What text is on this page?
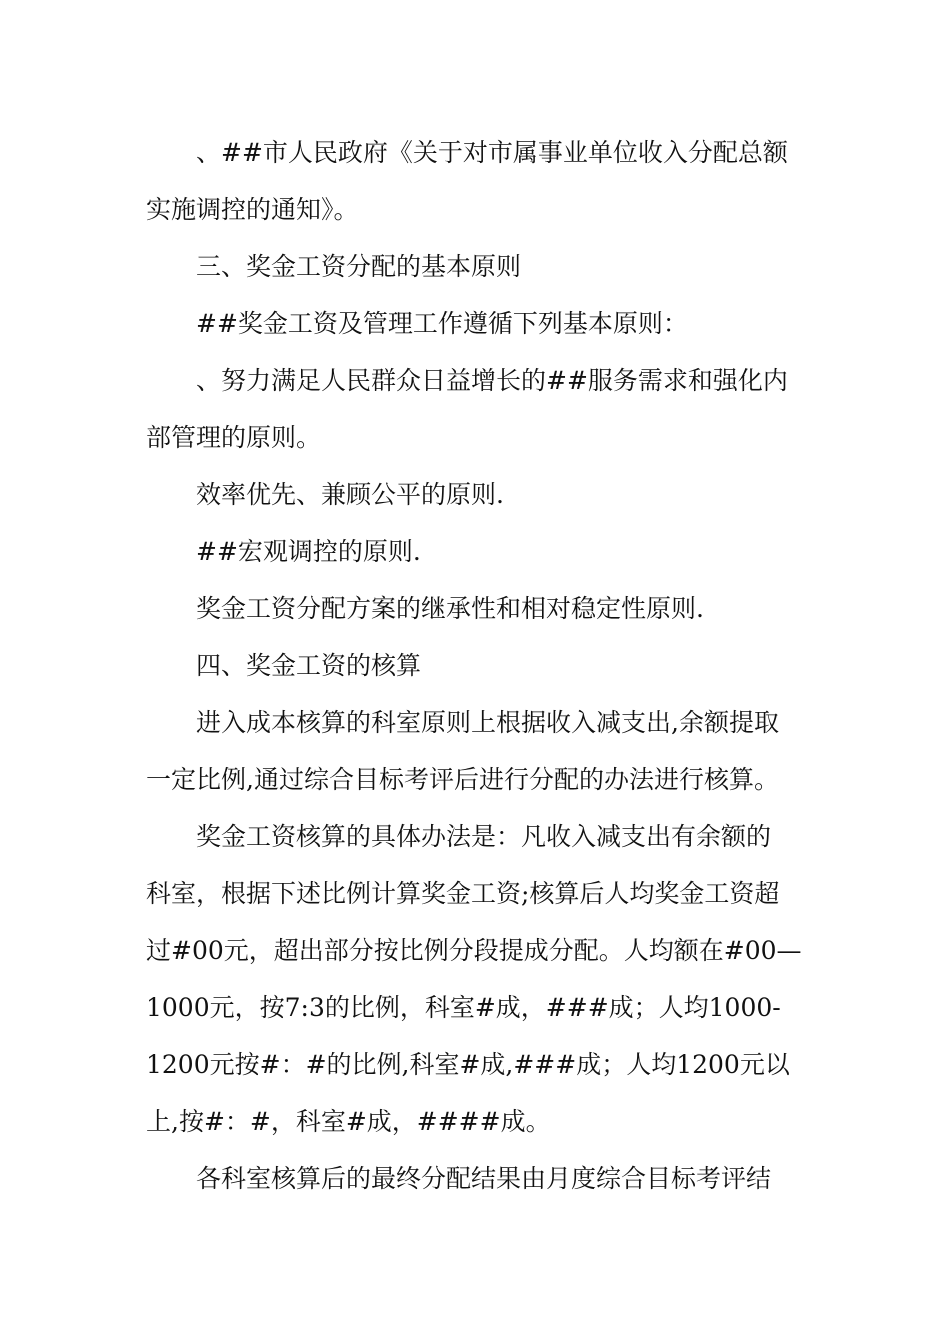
、##市人民政府《关于对市属事业单位收入分配总额
实施调控的通知》。
三、奖金工资分配的基本原则
##奖金工资及管理工作遵循下列基本原则：
、努力满足人民群众日益增长的##服务需求和强化内
部管理的原则。
效率优先、兼顾公平的原则.
##宏观调控的原则.
奖金工资分配方案的继承性和相对稳定性原则.
四、奖金工资的核算
进入成本核算的科室原则上根据收入减支出,余额提取
一定比例,通过综合目标考评后进行分配的办法进行核算。
奖金工资核算的具体办法是：凡收入减支出有余额的
科室，根据下述比例计算奖金工资;核算后人均奖金工资超
过#00元，超出部分按比例分段提成分配。人均额在#00—
1000元，按7:3的比例，科室#成，###成；人均1000-
1200元按#：#的比例,科室#成,###成；人均1200元以
上,按#：#，科室#成，####成。
各科室核算后的最终分配结果由月度综合目标考评结
